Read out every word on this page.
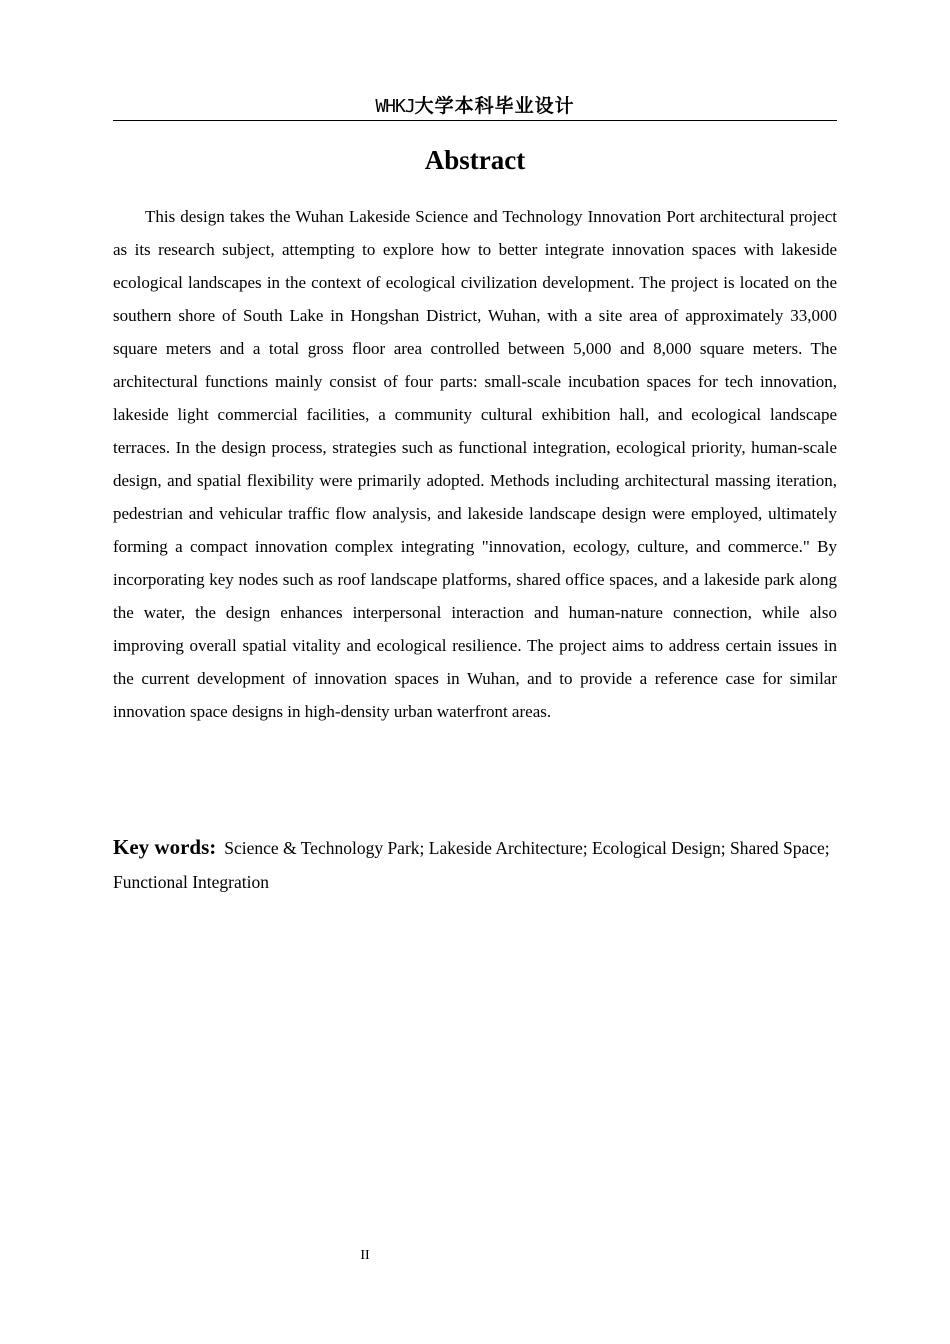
WHKJ大学本科毕业设计
Abstract

This design takes the Wuhan Lakeside Science and Technology Innovation Port architectural project as its research subject, attempting to explore how to better integrate innovation spaces with lakeside ecological landscapes in the context of ecological civilization development. The project is located on the southern shore of South Lake in Hongshan District, Wuhan, with a site area of approximately 33,000 square meters and a total gross floor area controlled between 5,000 and 8,000 square meters. The architectural functions mainly consist of four parts: small-scale incubation spaces for tech innovation, lakeside light commercial facilities, a community cultural exhibition hall, and ecological landscape terraces. In the design process, strategies such as functional integration, ecological priority, human-scale design, and spatial flexibility were primarily adopted. Methods including architectural massing iteration, pedestrian and vehicular traffic flow analysis, and lakeside landscape design were employed, ultimately forming a compact innovation complex integrating "innovation, ecology, culture, and commerce." By incorporating key nodes such as roof landscape platforms, shared office spaces, and a lakeside park along the water, the design enhances interpersonal interaction and human-nature connection, while also improving overall spatial vitality and ecological resilience. The project aims to address certain issues in the current development of innovation spaces in Wuhan, and to provide a reference case for similar innovation space designs in high-density urban waterfront areas.

Key words: Science & Technology Park; Lakeside Architecture; Ecological Design; Shared Space; Functional Integration

II
